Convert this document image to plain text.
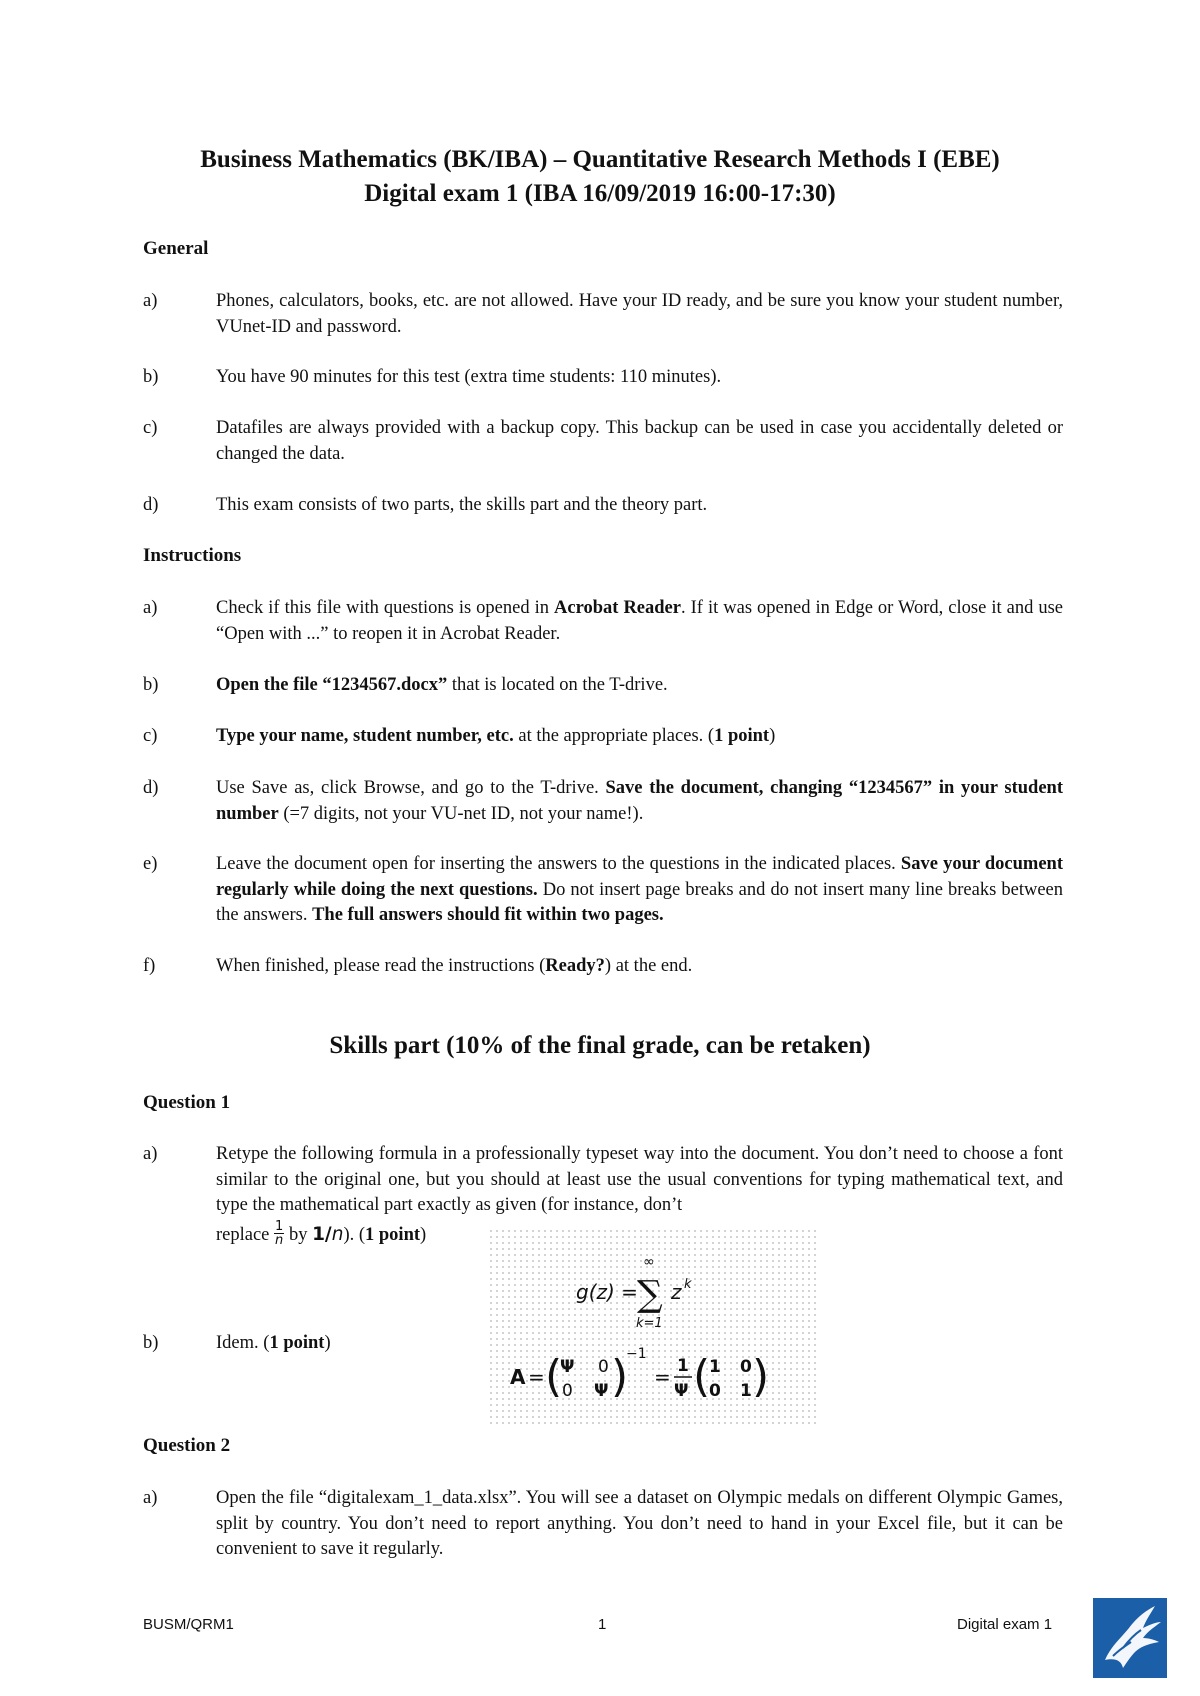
Business Mathematics (BK/IBA) – Quantitative Research Methods I (EBE)
Digital exam 1 (IBA 16/09/2019 16:00-17:30)
General
a)	Phones, calculators, books, etc. are not allowed. Have your ID ready, and be sure you know your student number, VUnet-ID and password.
b)	You have 90 minutes for this test (extra time students: 110 minutes).
c)	Datafiles are always provided with a backup copy. This backup can be used in case you accidentally deleted or changed the data.
d)	This exam consists of two parts, the skills part and the theory part.
Instructions
a)	Check if this file with questions is opened in Acrobat Reader. If it was opened in Edge or Word, close it and use “Open with ...” to reopen it in Acrobat Reader.
b)	Open the file “1234567.docx” that is located on the T-drive.
c)	Type your name, student number, etc. at the appropriate places. (1 point)
d)	Use Save as, click Browse, and go to the T-drive. Save the document, changing “1234567” in your student number (=7 digits, not your VU-net ID, not your name!).
e)	Leave the document open for inserting the answers to the questions in the indicated places. Save your document regularly while doing the next questions. Do not insert page breaks and do not insert many line breaks between the answers. The full answers should fit within two pages.
f)	When finished, please read the instructions (Ready?) at the end.
Skills part (10% of the final grade, can be retaken)
Question 1
a)	Retype the following formula in a professionally typeset way into the document. You don’t need to choose a font similar to the original one, but you should at least use the usual conventions for typing mathematical text, and type the mathematical part exactly as given (for instance, don’t
replace $\frac{1}{n}$ by 1/n). (1 point)
b)	Idem. (1 point)
g(z) =
∞
∑
k=1
z k
A = (
Ψ 0
0 Ψ )
−1
= 1
Ψ (
1 0
0 1 )
Question 2
a)	Open the file “digitalexam_1_data.xlsx”. You will see a dataset on Olympic medals on different Olympic Games, split by country. You don’t need to report anything. You don’t need to hand in your Excel file, but it can be convenient to save it regularly.
BUSM/QRM1	1	Digital exam 1
